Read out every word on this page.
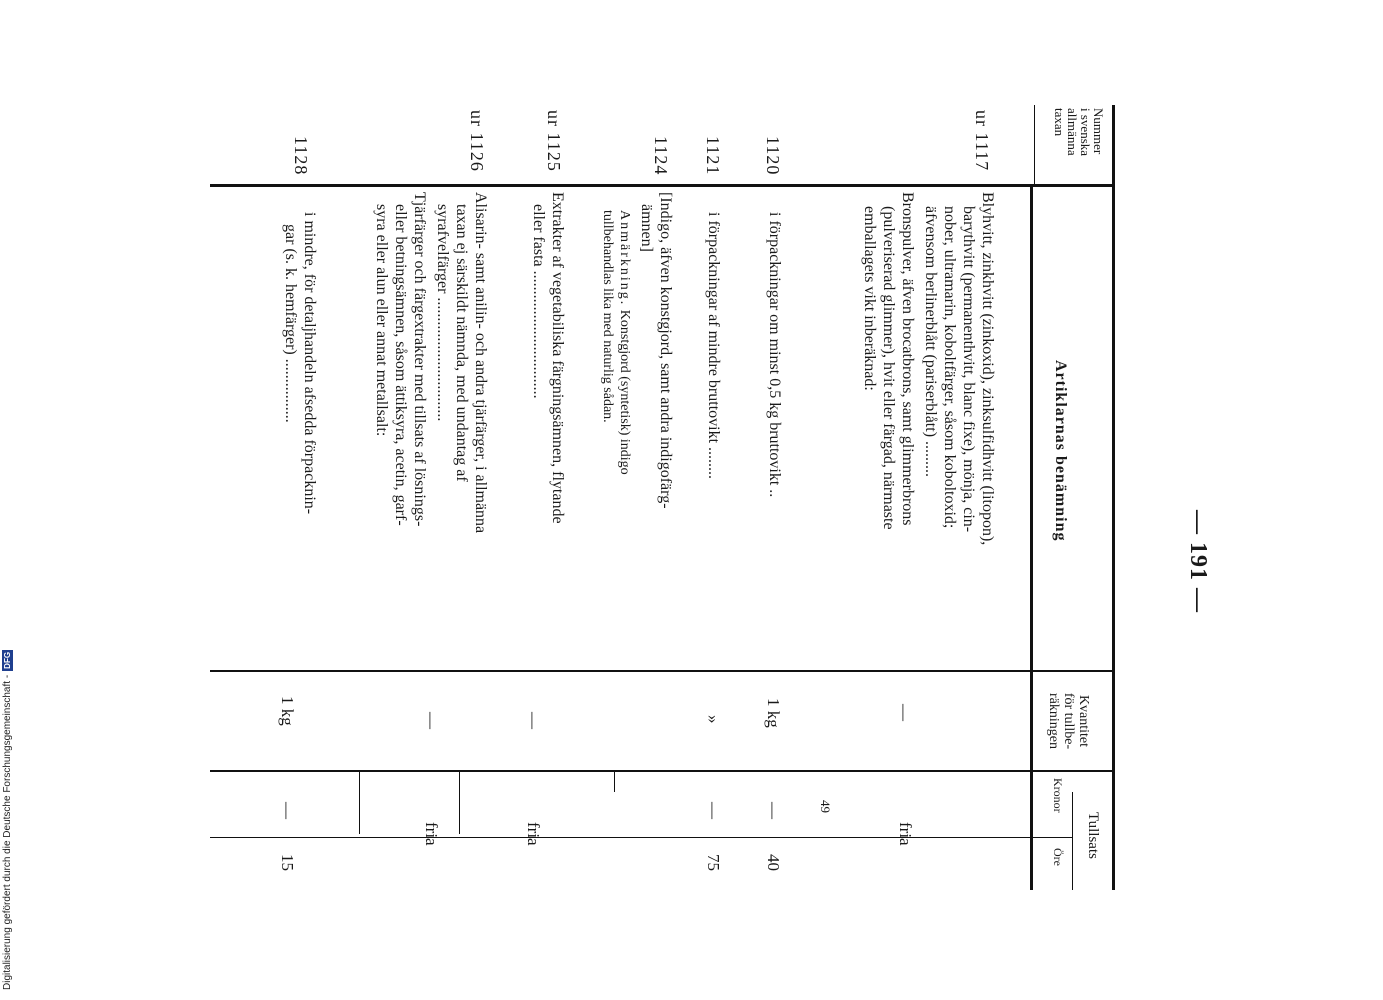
— 191 —
49
Nummer
i svenska
allmänna
taxan
Artiklarnas benämning
Kvantitet
för tullbe-
räkningen
Tullsats
Kronor
Öre
ur 1117
Blyhvitt, zinkhvitt (zinkoxid), zinksulfidhvitt (litopon),
barythvitt (permanenthvitt, blanc fixe), mönja, cin-
nober, ultramarin, koboltfärger, såsom koboltoxid;
äfvensom berlinerblått (pariserblått) .........
—
fria
Bronspulver, äfven brocatbrons, samt glimmerbrons
(pulveriserad glimmer), hvit eller färgad, närmaste
emballagets vikt inberäknad:
1120
i förpackningar om minst 0,5 kg bruttovikt ..
1 kg
—
40
1121
i förpackningar af mindre bruttovikt ........
»
—
75
1124
[Indigo, äfven konstgjord, samt andra indigofärg-
ämnen]
Anmärkning. Konstgjord (syntetisk) indigo
tullbehandlas lika med naturlig sådan.
ur 1125
Extrakter af vegetabiliska färgningsämnen, flytande
eller fasta ................................
—
fria
ur 1126
Alisarin- samt anilin- och andra tjärfärger, i allmänna
taxan ej särskildt nämnda, med undantag af
syrafvelfärger ...............................
—
fria
Tjärfärger och färgextrakter med tillsats af lösnings-
eller betningsämnen, såsom ättiksyra, acetin, garf-
syra eller alun eller annat metallsalt:
1128
i mindre, för detaljhandeln afsedda förpacknin-
gar (s. k. hemfärger) ................
1 kg
—
15
Digitalisierung gefördert durch die Deutsche Forschungsgemeinschaft -
DFG
